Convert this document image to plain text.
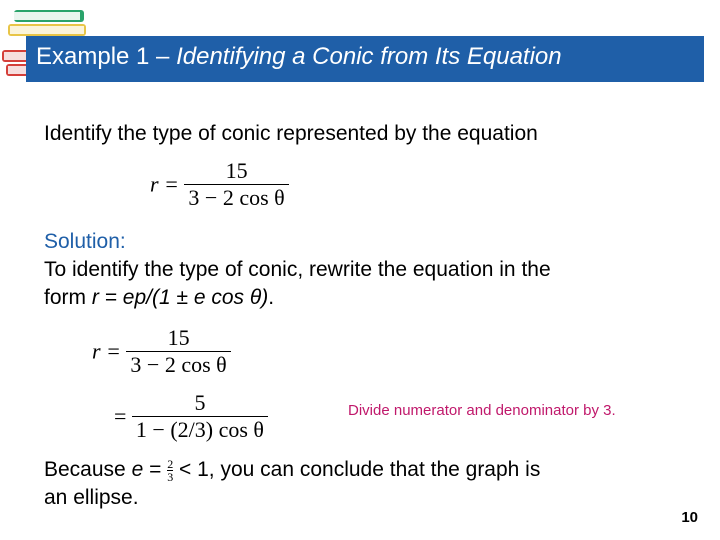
Example 1 – Identifying a Conic from Its Equation
Identify the type of conic represented by the equation
$r = \frac{15}{\text{3 − 2 cos θ}}$
Solution:
To identify the type of conic, rewrite the equation in the
form r = ep/(1 ± e cos θ).
$r = \frac{15}{\text{3 − 2 cos θ}}$
= $\frac{5}{\text{1 − (2/3) cos θ}}$	Divide numerator and denominator by 3.
Because $e = \frac{2}{3} < 1$, you can conclude that the graph is
an ellipse.
10
